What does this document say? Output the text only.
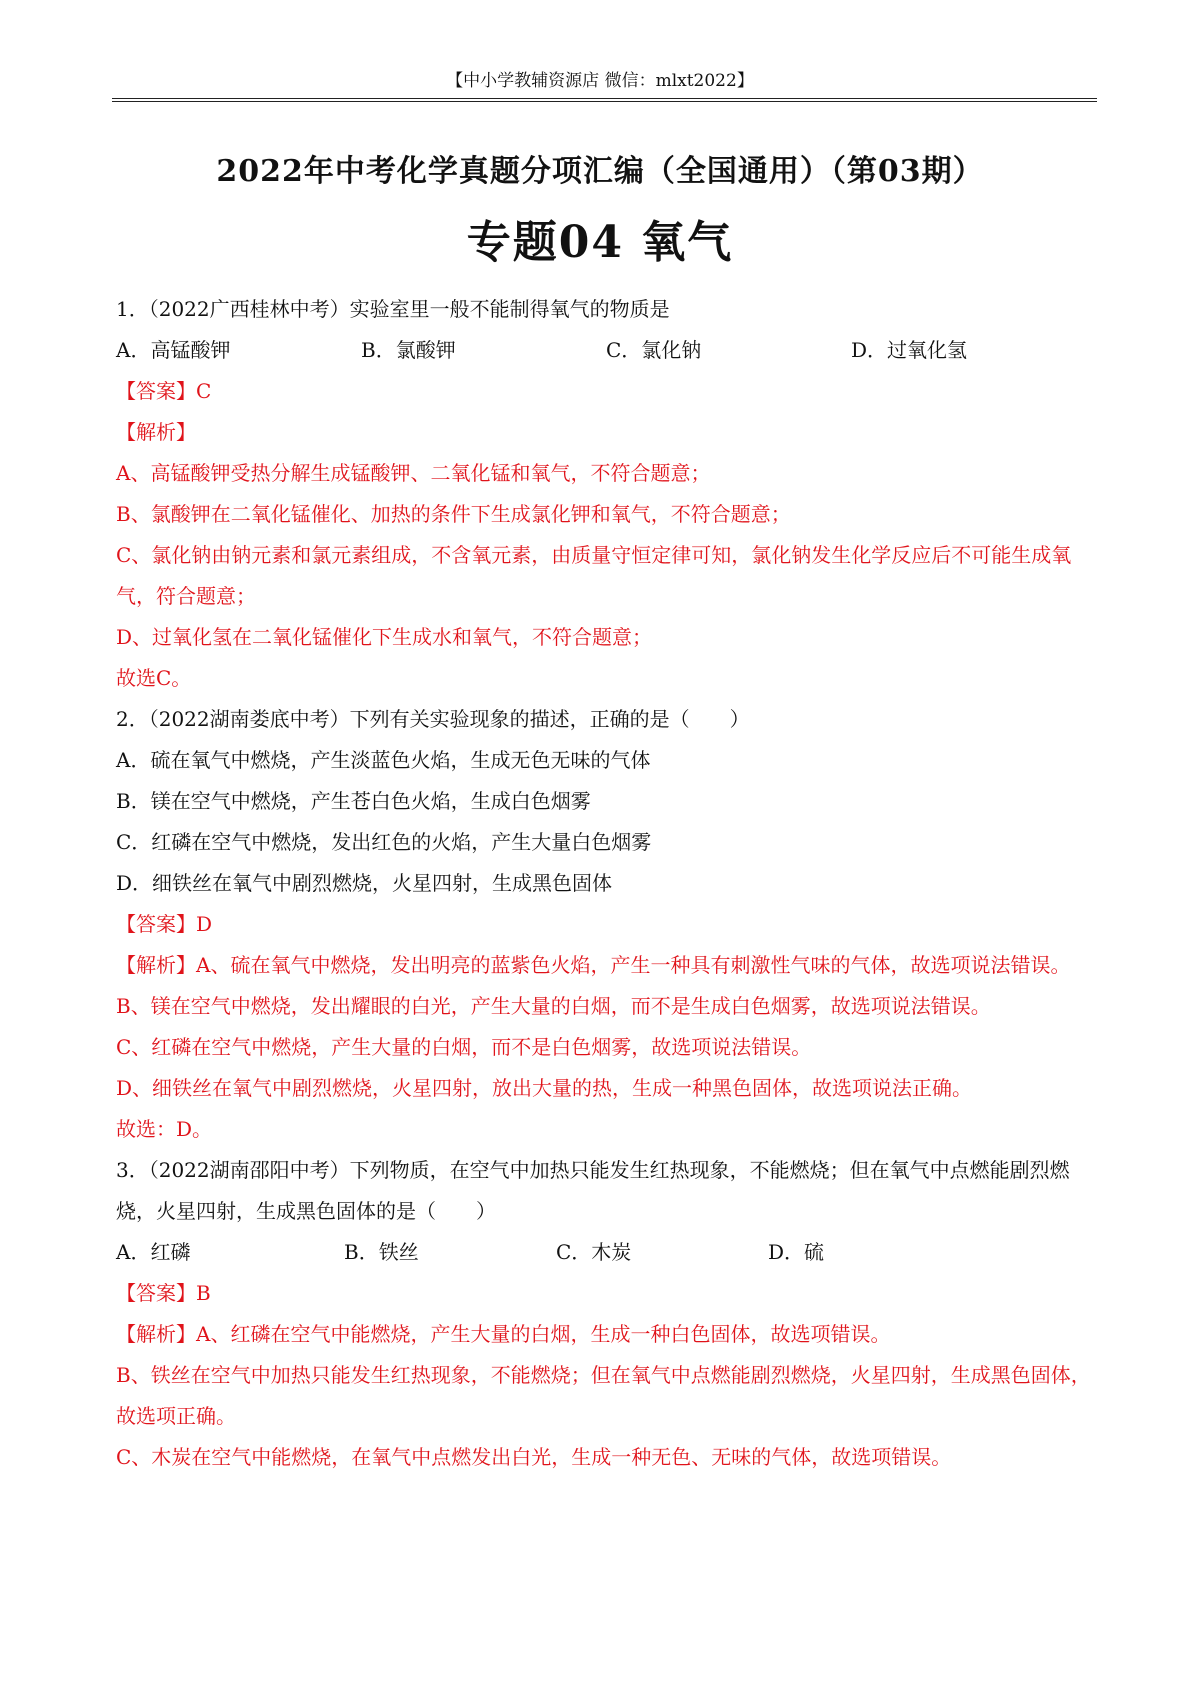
【中小学教辅资源店 微信：mlxt2022】
2022年中考化学真题分项汇编（全国通用）（第03期）
专题04 氧气
1．（2022广西桂林中考）实验室里一般不能制得氧气的物质是
A．高锰酸钾	B．氯酸钾	C．氯化钠	D．过氧化氢
【答案】C
【解析】
A、高锰酸钾受热分解生成锰酸钾、二氧化锰和氧气，不符合题意；
B、氯酸钾在二氧化锰催化、加热的条件下生成氯化钾和氧气，不符合题意；
C、氯化钠由钠元素和氯元素组成，不含氧元素，由质量守恒定律可知，氯化钠发生化学反应后不可能生成氧气，符合题意；
D、过氧化氢在二氧化锰催化下生成水和氧气，不符合题意；
故选C。
2．（2022湖南娄底中考）下列有关实验现象的描述，正确的是（　　）
A．硫在氧气中燃烧，产生淡蓝色火焰，生成无色无味的气体
B．镁在空气中燃烧，产生苍白色火焰，生成白色烟雾
C．红磷在空气中燃烧，发出红色的火焰，产生大量白色烟雾
D．细铁丝在氧气中剧烈燃烧，火星四射，生成黑色固体
【答案】D
【解析】A、硫在氧气中燃烧，发出明亮的蓝紫色火焰，产生一种具有刺激性气味的气体，故选项说法错误。
B、镁在空气中燃烧，发出耀眼的白光，产生大量的白烟，而不是生成白色烟雾，故选项说法错误。
C、红磷在空气中燃烧，产生大量的白烟，而不是白色烟雾，故选项说法错误。
D、细铁丝在氧气中剧烈燃烧，火星四射，放出大量的热，生成一种黑色固体，故选项说法正确。
故选：D。
3．（2022湖南邵阳中考）下列物质，在空气中加热只能发生红热现象，不能燃烧；但在氧气中点燃能剧烈燃烧，火星四射，生成黑色固体的是（　　）
A．红磷	B．铁丝	C．木炭	D．硫
【答案】B
【解析】A、红磷在空气中能燃烧，产生大量的白烟，生成一种白色固体，故选项错误。
B、铁丝在空气中加热只能发生红热现象，不能燃烧；但在氧气中点燃能剧烈燃烧，火星四射，生成黑色固体，故选项正确。
C、木炭在空气中能燃烧，在氧气中点燃发出白光，生成一种无色、无味的气体，故选项错误。
